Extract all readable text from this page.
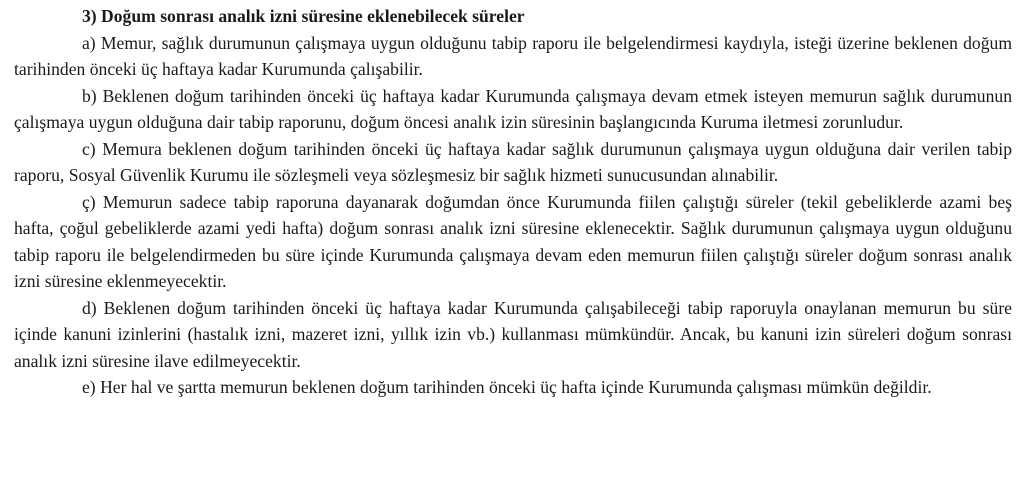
3) Doğum sonrası analık izni süresine eklenebilecek süreler

a) Memur, sağlık durumunun çalışmaya uygun olduğunu tabip raporu ile belgelendirmesi kaydıyla, isteği üzerine beklenen doğum tarihinden önceki üç haftaya kadar Kurumunda çalışabilir.

b) Beklenen doğum tarihinden önceki üç haftaya kadar Kurumunda çalışmaya devam etmek isteyen memurun sağlık durumunun çalışmaya uygun olduğuna dair tabip raporunu, doğum öncesi analık izin süresinin başlangıcında Kuruma iletmesi zorunludur.

c) Memura beklenen doğum tarihinden önceki üç haftaya kadar sağlık durumunun çalışmaya uygun olduğuna dair verilen tabip raporu, Sosyal Güvenlik Kurumu ile sözleşmeli veya sözleşmesiz bir sağlık hizmeti sunucusundan alınabilir.

ç) Memurun sadece tabip raporuna dayanarak doğumdan önce Kurumunda fiilen çalıştığı süreler (tekil gebeliklerde azami beş hafta, çoğul gebeliklerde azami yedi hafta) doğum sonrası analık izni süresine eklenecektir. Sağlık durumunun çalışmaya uygun olduğunu tabip raporu ile belgelendirmeden bu süre içinde Kurumunda çalışmaya devam eden memurun fiilen çalıştığı süreler doğum sonrası analık izni süresine eklenmeyecektir.

d) Beklenen doğum tarihinden önceki üç haftaya kadar Kurumunda çalışabileceği tabip raporuyla onaylanan memurun bu süre içinde kanuni izinlerini (hastalık izni, mazeret izni, yıllık izin vb.) kullanması mümkündür. Ancak, bu kanuni izin süreleri doğum sonrası analık izni süresine ilave edilmeyecektir.

e) Her hal ve şartta memurun beklenen doğum tarihinden önceki üç hafta içinde Kurumunda çalışması mümkün değildir.
